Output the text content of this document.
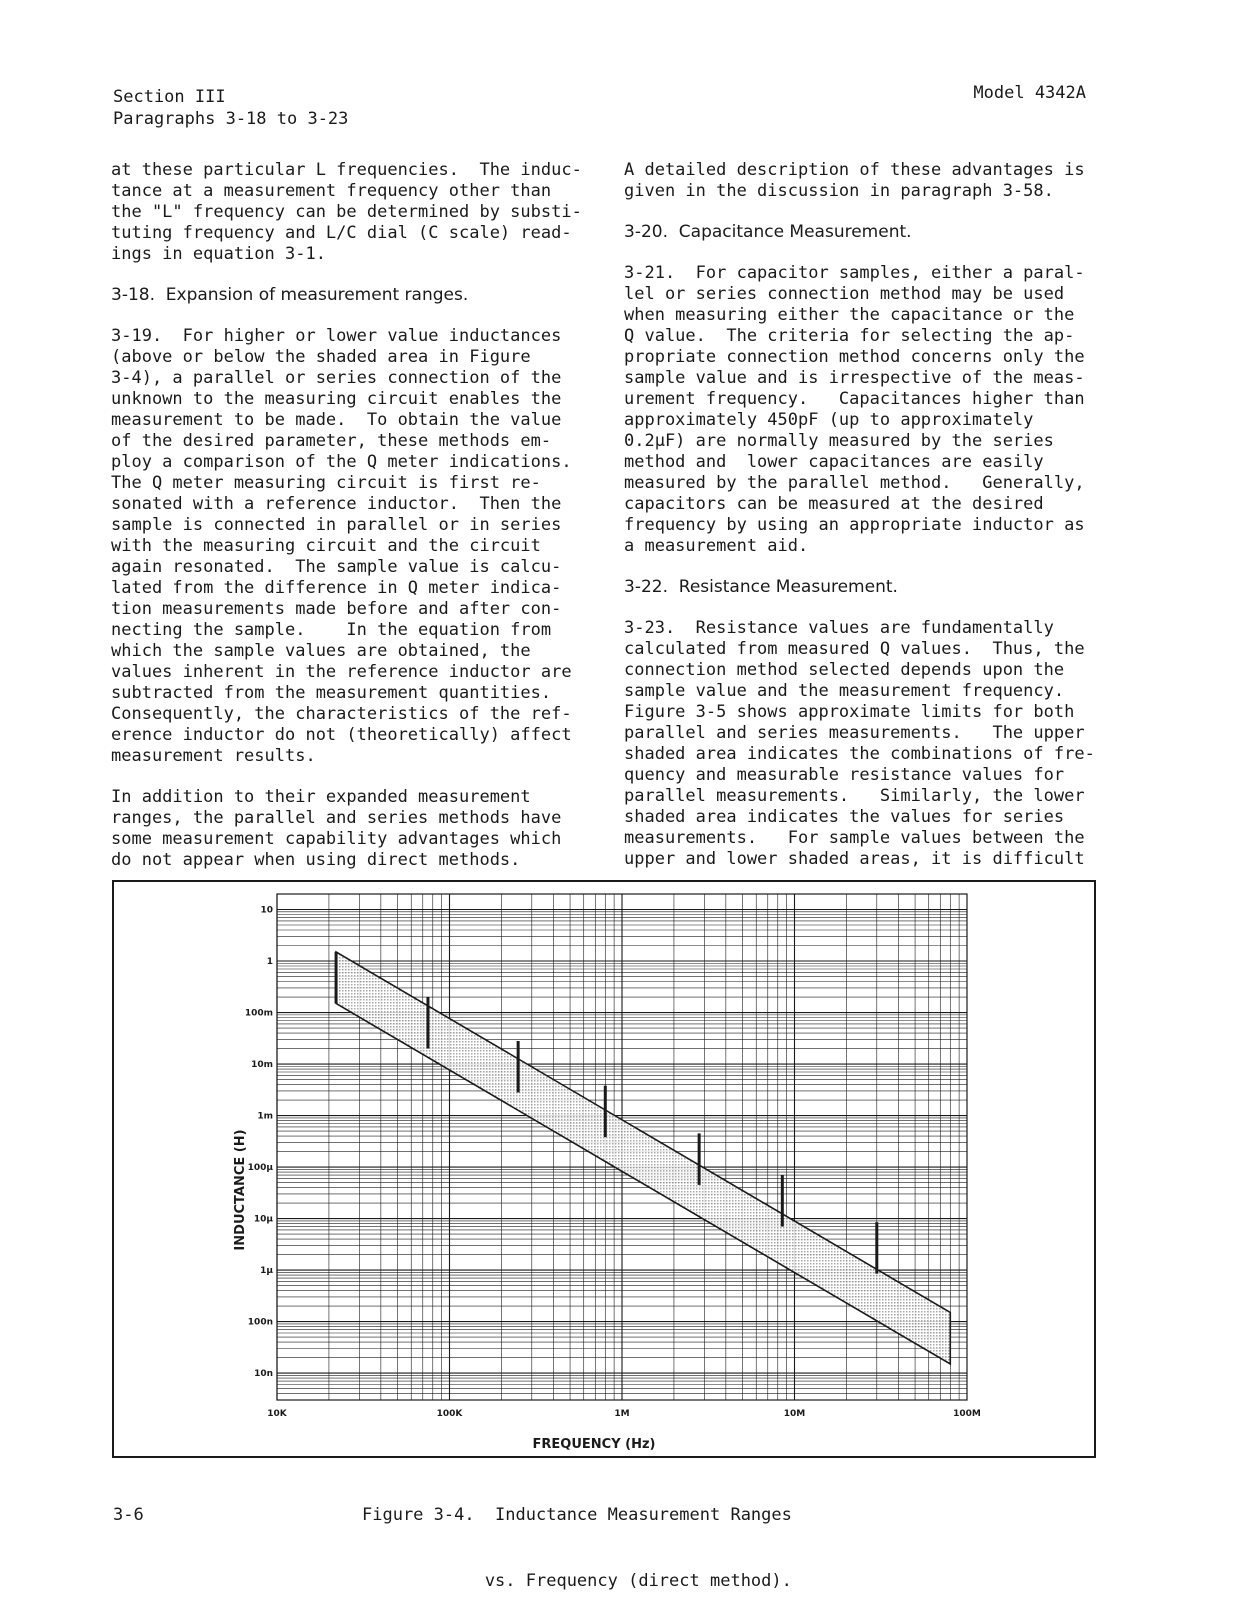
Section III
Paragraphs 3-18 to 3-23
Model 4342A

at these particular L frequencies.  The induc-
tance at a measurement frequency other than
the "L" frequency can be determined by substi-
tuting frequency and L/C dial (C scale) read-
ings in equation 3-1.

3-18.  Expansion of measurement ranges.

3-19.  For higher or lower value inductances
(above or below the shaded area in Figure
3-4), a parallel or series connection of the
unknown to the measuring circuit enables the
measurement to be made.  To obtain the value
of the desired parameter, these methods em-
ploy a comparison of the Q meter indications.
The Q meter measuring circuit is first re-
sonated with a reference inductor.  Then the
sample is connected in parallel or in series
with the measuring circuit and the circuit
again resonated.  The sample value is calcu-
lated from the difference in Q meter indica-
tion measurements made before and after con-
necting the sample.    In the equation from
which the sample values are obtained, the
values inherent in the reference inductor are
subtracted from the measurement quantities.
Consequently, the characteristics of the ref-
erence inductor do not (theoretically) affect
measurement results.

In addition to their expanded measurement
ranges, the parallel and series methods have
some measurement capability advantages which
do not appear when using direct methods.

A detailed description of these advantages is
given in the discussion in paragraph 3-58.

3-20.  Capacitance Measurement.

3-21.  For capacitor samples, either a paral-
lel or series connection method may be used
when measuring either the capacitance or the
Q value.  The criteria for selecting the ap-
propriate connection method concerns only the
sample value and is irrespective of the meas-
urement frequency.   Capacitances higher than
approximately 450pF (up to approximately
0.2µF) are normally measured by the series
method and  lower capacitances are easily
measured by the parallel method.   Generally,
capacitors can be measured at the desired
frequency by using an appropriate inductor as
a measurement aid.

3-22.  Resistance Measurement.

3-23.  Resistance values are fundamentally
calculated from measured Q values.  Thus, the
connection method selected depends upon the
sample value and the measurement frequency.
Figure 3-5 shows approximate limits for both
parallel and series measurements.   The upper
shaded area indicates the combinations of fre-
quency and measurable resistance values for
parallel measurements.   Similarly, the lower
shaded area indicates the values for series
measurements.   For sample values between the
upper and lower shaded areas, it is difficult

10
1
100m
10m
1m
100µ
10µ
1µ
100n
10n
10K	100K	1M	10M	100M
FREQUENCY (Hz)
INDUCTANCE (H)

Figure 3-4.  Inductance Measurement Ranges

vs. Frequency (direct method).

3-6
